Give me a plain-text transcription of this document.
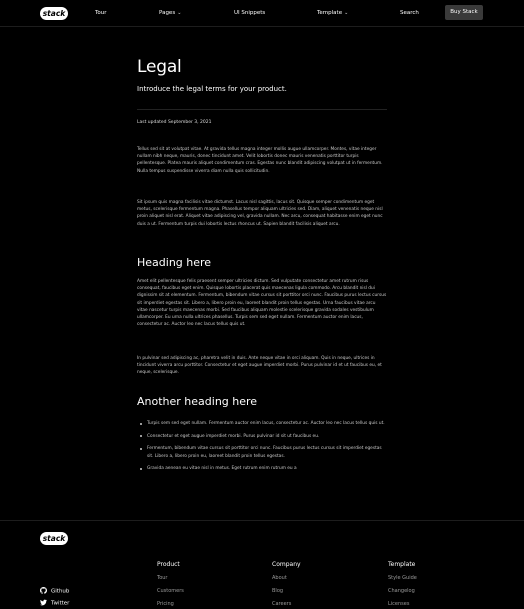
stack	Tour	Pages ⌄	UI Snippets	Template ⌄	Search	Buy Stack
Legal

Introduce the legal terms for your product.

Last updated September 3, 2021

Tellus sed sit at volutpat vitae. At gravida tellus magna integer mollis augue ullamcorper. Montes, vitae integer nullam nibh neque, mauris, donec tincidunt amet. Velit lobortis donec mauris venenatis porttitor turpis pellentesque. Platea mauris aliquet condimentum cras. Egestas nunc blandit adipiscing volutpat ut in fermentum. Nulla tempus suspendisse viverra diam nulla quis sollicitudin.

Sit ipsum quis magna facilisis vitae dictumst. Lacus nisl sagittis, lacus sit. Quisque semper condimentum eget metus, scelerisque fermentum magna. Phasellus tempor aliquam ultricies sed. Diam, aliquet venenatis neque nisl proin aliquet nisl erat. Aliquet vitae adipiscing vel, gravida nullam. Nec arcu, consequat habitasse enim eget nunc duis a ut. Fermentum turpis dui lobortis lectus rhoncus ut. Sapien blandit facilisis aliquet arcu.

Heading here

Amet elit pellentesque felis praesent semper ultricies dictum. Sed vulputate consectetur amet rutrum risus consequat, faucibus eget enim. Quisque lobortis placerat quis maecenas ligula commodo. Arcu blandit nisl dui dignissim sit at elementum. Fermentum, bibendum vitae cursus sit porttitor orci nunc. Faucibus purus lectus cursus sit imperdiet egestas sit. Libero a, libero proin eu, laoreet blandit proin tellus egestas. Urna faucibus vitae arcu vitae nascetur turpis maecenas morbi. Sed faucibus aliquam molestie scelerisque gravida sodales vestibulum ullamcorper. Eu urna nulla ultrices phasellus. Turpis sem sed eget nullam. Fermentum auctor enim lacus, consectetur ac. Auctor leo nec lacus tellus quis ut.

In pulvinar sed adipiscing ac, pharetra velit in duis. Ante neque vitae in orci aliquam. Quis in neque, ultrices in tincidunt viverra arcu porttitor. Consectetur et eget augue imperdiet morbi. Purus pulvinar id et ut faucibus eu, et neque, scelerisque.

Another heading here
Turpis sem sed eget nullam. Fermentum auctor enim lacus, consectetur ac. Auctor leo nec lacus tellus quis ut.
Consectetur et eget augue imperdiet morbi. Purus pulvinar id sit ut faucibus eu.
Fermentum, bibendum vitae cursus sit porttitor orci nunc. Faucibus purus lectus cursus sit imperdiet egestas sit. Libero a, libero proin eu, laoreet blandit proin tellus egestas.
Gravida aenean eu vitae nisl in metus. Eget rutrum enim rutrum eu a
stack
Github
Twitter
Product
Tour
Customers
Pricing
Company
About
Blog
Careers
Template
Style Guide
Changelog
Licenses
